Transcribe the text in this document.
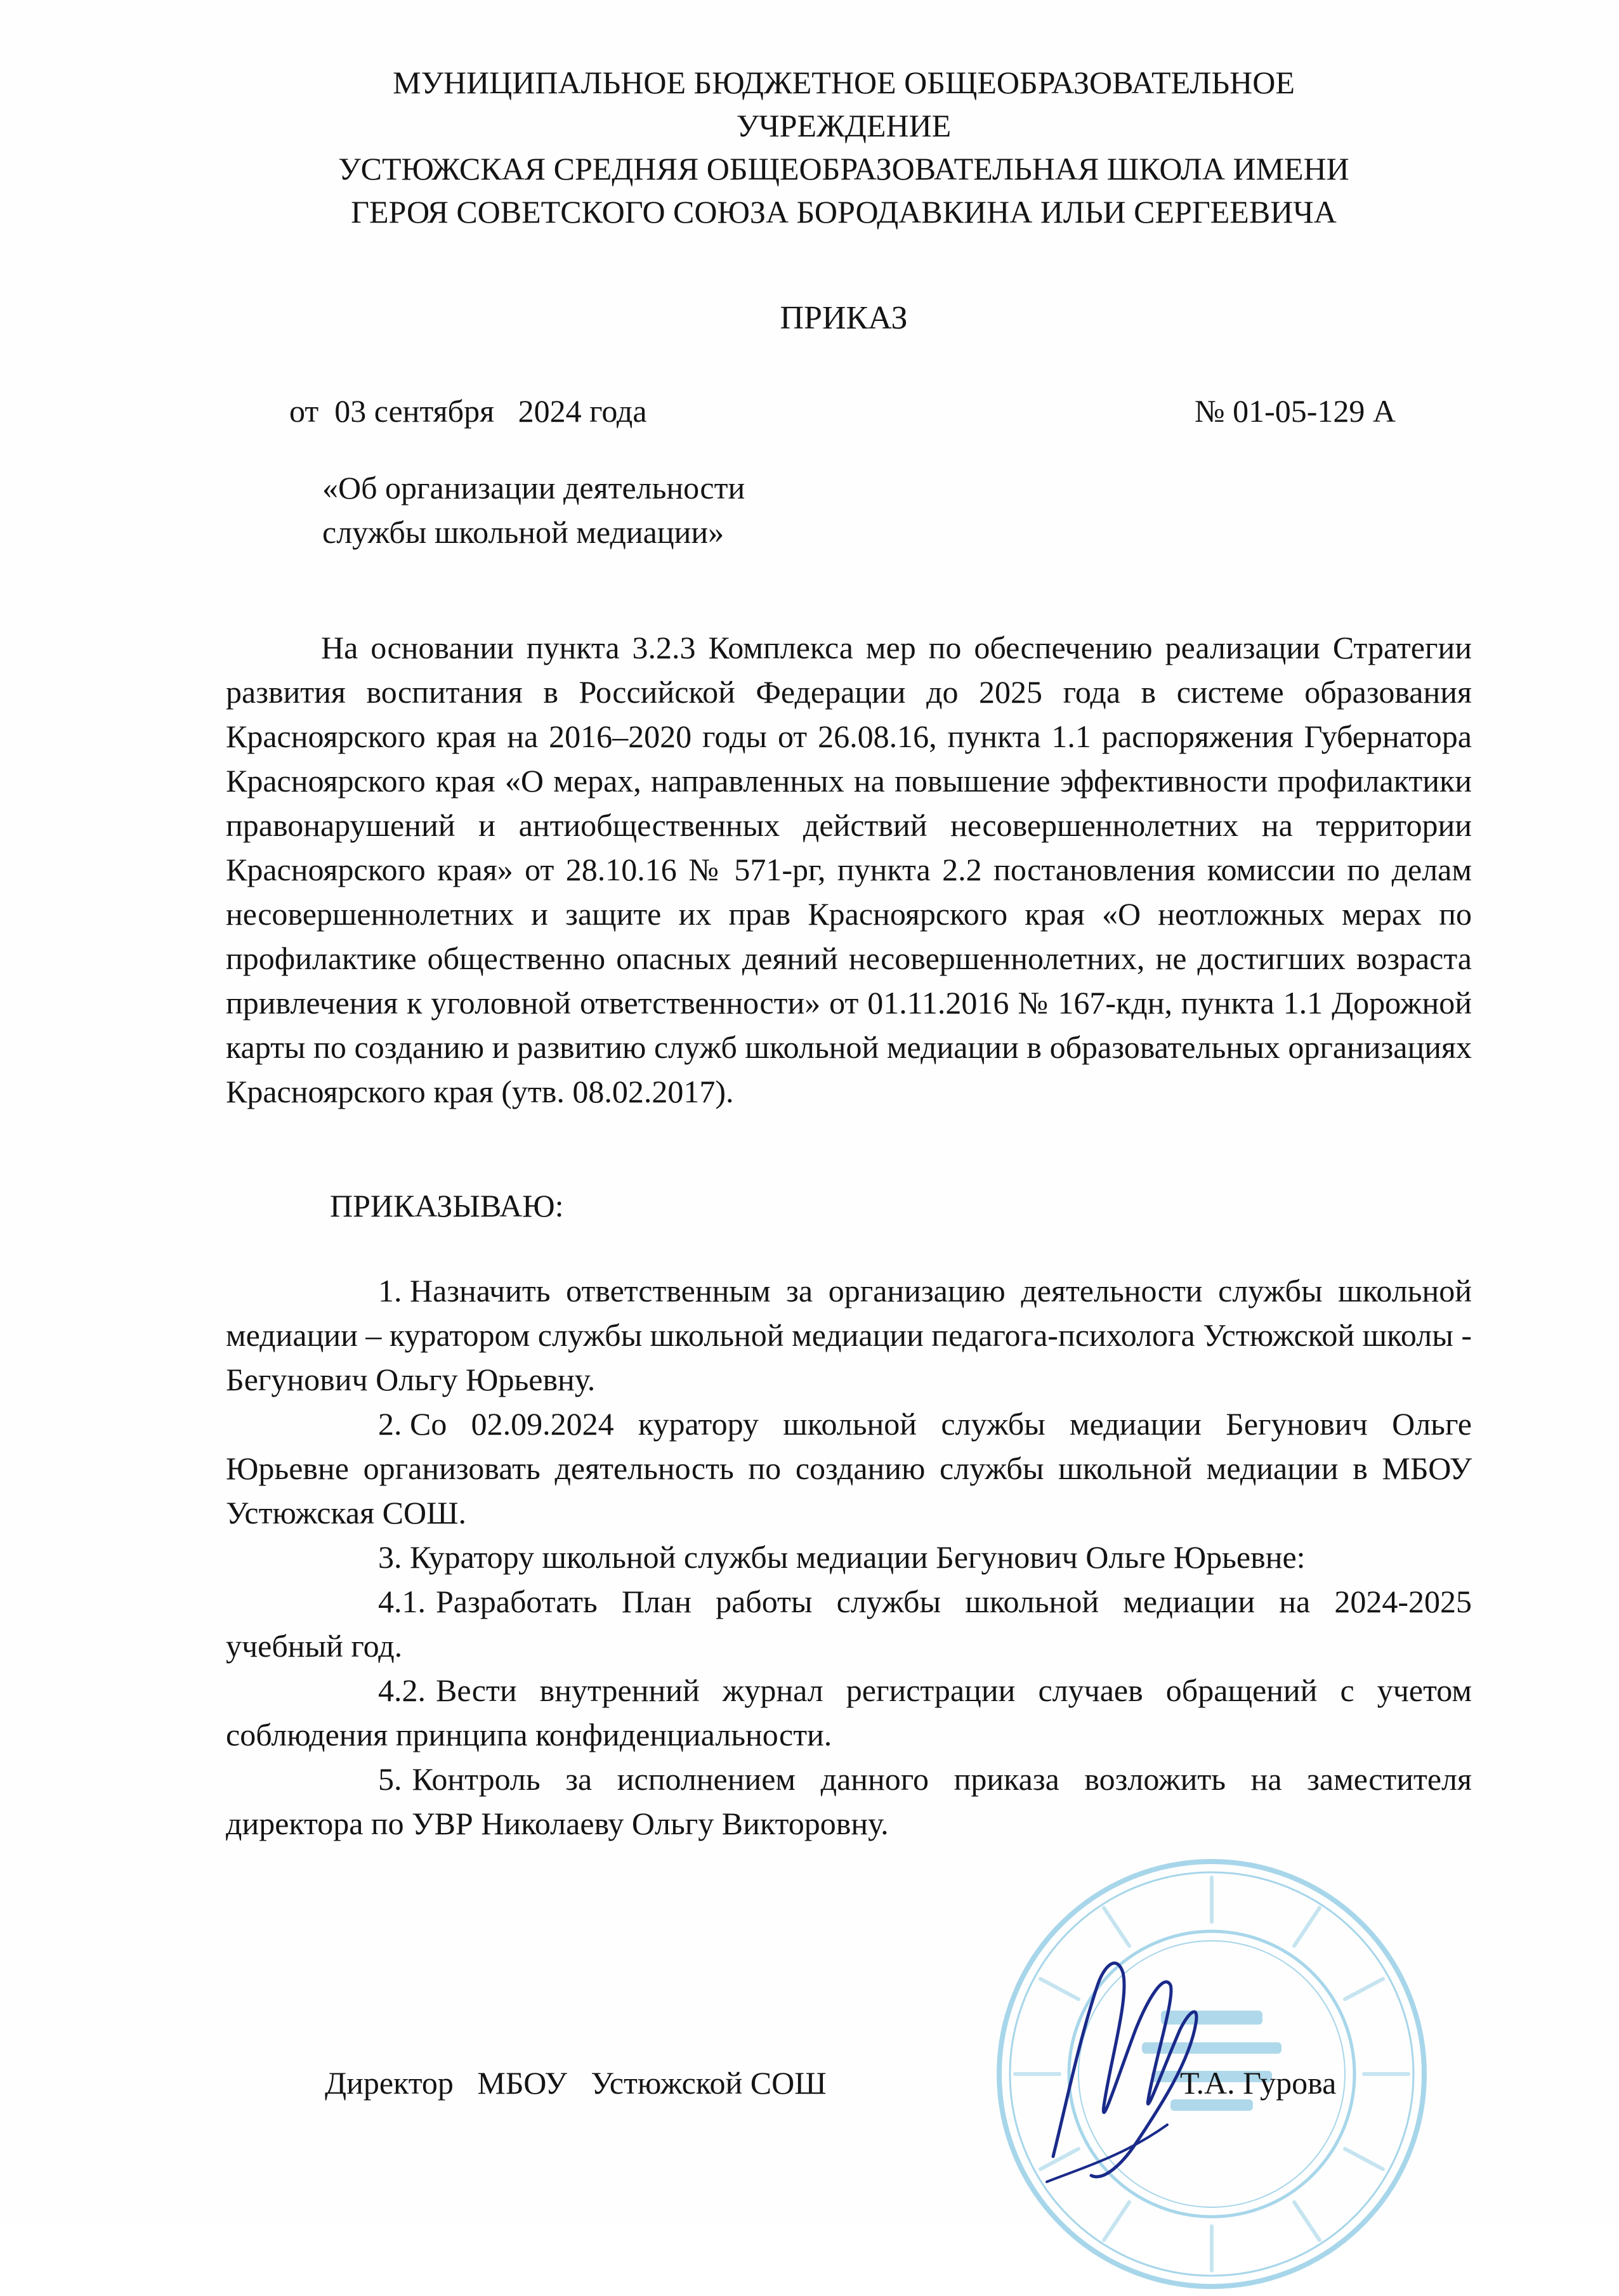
МУНИЦИПАЛЬНОЕ БЮДЖЕТНОЕ ОБЩЕОБРАЗОВАТЕЛЬНОЕ
УЧРЕЖДЕНИЕ
УСТЮЖСКАЯ СРЕДНЯЯ ОБЩЕОБРАЗОВАТЕЛЬНАЯ ШКОЛА ИМЕНИ
ГЕРОЯ СОВЕТСКОГО СОЮЗА БОРОДАВКИНА ИЛЬИ СЕРГЕЕВИЧА
ПРИКАЗ
от  03 сентября   2024 года	№ 01-05-129 А
«Об организации деятельности
службы школьной медиации»

На основании пункта 3.2.3 Комплекса мер по обеспечению реализации Стратегии развития воспитания в Российской Федерации до 2025 года в системе образования Красноярского края на 2016–2020 годы от 26.08.16, пункта 1.1 распоряжения Губернатора Красноярского края «О мерах, направленных на повышение эффективности профилактики правонарушений и антиобщественных действий несовершеннолетних на территории Красноярского края» от 28.10.16 № 571-рг, пункта 2.2 постановления комиссии по делам несовершеннолетних и защите их прав Красноярского края «О неотложных мерах по профилактике общественно опасных деяний несовершеннолетних, не достигших возраста привлечения к уголовной ответственности» от 01.11.2016 № 167-кдн, пункта 1.1 Дорожной карты по созданию и развитию служб школьной медиации в образовательных организациях Красноярского края (утв. 08.02.2017).

ПРИКАЗЫВАЮ:

1. Назначить ответственным за организацию деятельности службы школьной медиации – куратором службы школьной медиации педагога-психолога Устюжской школы - Бегунович Ольгу Юрьевну.

2. Со 02.09.2024 куратору школьной службы медиации Бегунович Ольге Юрьевне организовать деятельность по созданию службы школьной медиации в МБОУ Устюжская СОШ.

3. Куратору школьной службы медиации Бегунович Ольге Юрьевне:

4.1. Разработать План работы службы школьной медиации на 2024-2025 учебный год.

4.2. Вести внутренний журнал регистрации случаев обращений с учетом соблюдения принципа конфиденциальности.

5. Контроль за исполнением данного приказа возложить на заместителя директора по УВР Николаеву Ольгу Викторовну.

Директор   МБОУ   Устюжской СОШ	Т.А. Гурова
